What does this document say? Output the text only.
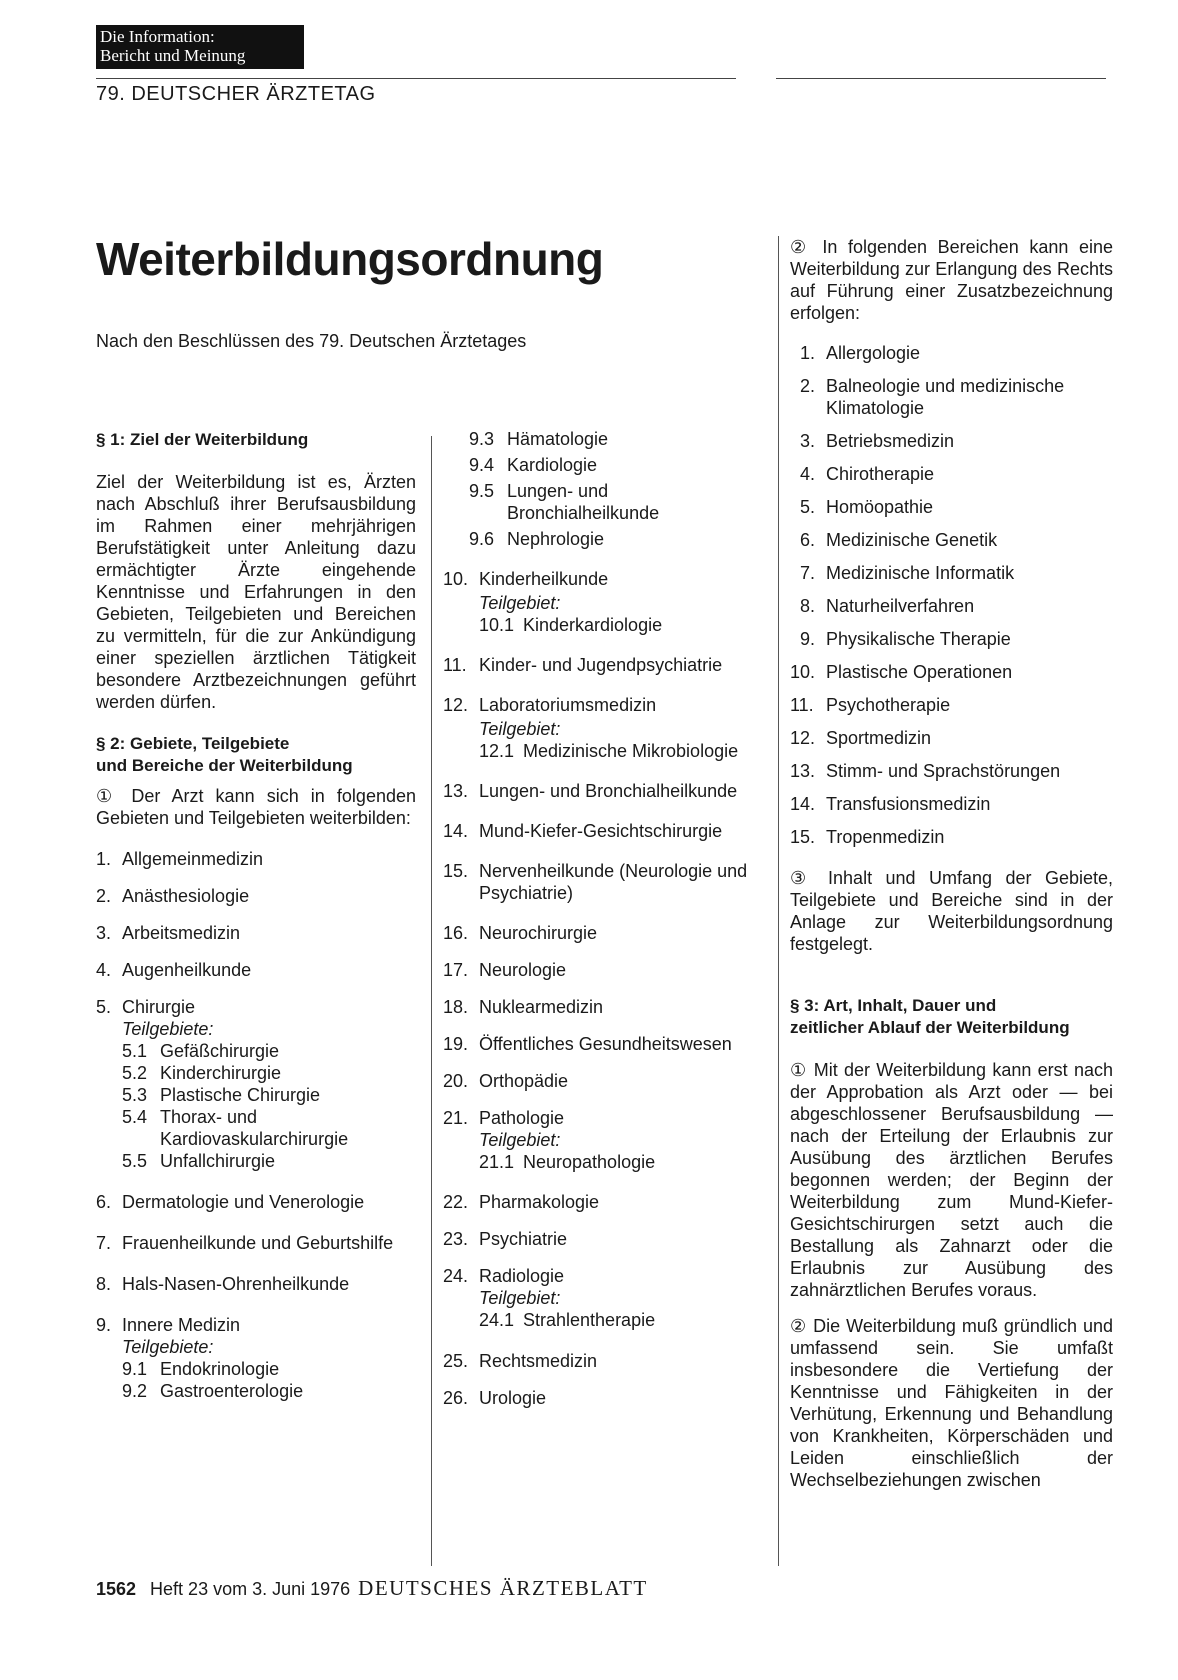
Die Information:
Bericht und Meinung
79. DEUTSCHER ÄRZTETAG
Weiterbildungsordnung
Nach den Beschlüssen des 79. Deutschen Ärztetages
§ 1: Ziel der Weiterbildung

Ziel der Weiterbildung ist es, Ärzten nach Abschluß ihrer Berufsausbildung im Rahmen einer mehrjährigen Berufstätigkeit unter Anleitung dazu ermächtigter Ärzte eingehende Kenntnisse und Erfahrungen in den Gebieten, Teilgebieten und Bereichen zu vermitteln, für die zur Ankündigung einer speziellen ärztlichen Tätigkeit besondere Arztbezeichnungen geführt werden dürfen.

§ 2: Gebiete, Teilgebiete
und Bereiche der Weiterbildung

① Der Arzt kann sich in folgenden Gebieten und Teilgebieten weiterbilden:

1. Allgemeinmedizin
2. Anästhesiologie
3. Arbeitsmedizin
4. Augenheilkunde
5. Chirurgie
Teilgebiete:
5.1 Gefäßchirurgie
5.2 Kinderchirurgie
5.3 Plastische Chirurgie
5.4 Thorax- und Kardiovaskularchirurgie
5.5 Unfallchirurgie
6. Dermatologie und Venerologie
7. Frauenheilkunde und Geburtshilfe
8. Hals-Nasen-Ohrenheilkunde
9. Innere Medizin
Teilgebiete:
9.1 Endokrinologie
9.2 Gastroenterologie
9.3 Hämatologie
9.4 Kardiologie
9.5 Lungen- und Bronchialheilkunde
9.6 Nephrologie
10. Kinderheilkunde
Teilgebiet:
10.1 Kinderkardiologie
11. Kinder- und Jugendpsychiatrie
12. Laboratoriumsmedizin
Teilgebiet:
12.1 Medizinische Mikrobiologie
13. Lungen- und Bronchialheilkunde
14. Mund-Kiefer-Gesichtschirurgie
15. Nervenheilkunde (Neurologie und Psychiatrie)
16. Neurochirurgie
17. Neurologie
18. Nuklearmedizin
19. Öffentliches Gesundheitswesen
20. Orthopädie
21. Pathologie
Teilgebiet:
21.1 Neuropathologie
22. Pharmakologie
23. Psychiatrie
24. Radiologie
Teilgebiet:
24.1 Strahlentherapie
25. Rechtsmedizin
26. Urologie

② In folgenden Bereichen kann eine Weiterbildung zur Erlangung des Rechts auf Führung einer Zusatzbezeichnung erfolgen:

1. Allergologie
2. Balneologie und medizinische Klimatologie
3. Betriebsmedizin
4. Chirotherapie
5. Homöopathie
6. Medizinische Genetik
7. Medizinische Informatik
8. Naturheilverfahren
9. Physikalische Therapie
10. Plastische Operationen
11. Psychotherapie
12. Sportmedizin
13. Stimm- und Sprachstörungen
14. Transfusionsmedizin
15. Tropenmedizin

③ Inhalt und Umfang der Gebiete, Teilgebiete und Bereiche sind in der Anlage zur Weiterbildungsordnung festgelegt.

§ 3: Art, Inhalt, Dauer und
zeitlicher Ablauf der Weiterbildung

① Mit der Weiterbildung kann erst nach der Approbation als Arzt oder — bei abgeschlossener Berufsausbildung — nach der Erteilung der Erlaubnis zur Ausübung des ärztlichen Berufes begonnen werden; der Beginn der Weiterbildung zum Mund-Kiefer-Gesichtschirurgen setzt auch die Bestallung als Zahnarzt oder die Erlaubnis zur Ausübung des zahnärztlichen Berufes voraus.

② Die Weiterbildung muß gründlich und umfassend sein. Sie umfaßt insbesondere die Vertiefung der Kenntnisse und Fähigkeiten in der Verhütung, Erkennung und Behandlung von Krankheiten, Körperschäden und Leiden einschließlich der Wechselbeziehungen zwischen

1562 Heft 23 vom 3. Juni 1976 DEUTSCHES ÄRZTEBLATT
